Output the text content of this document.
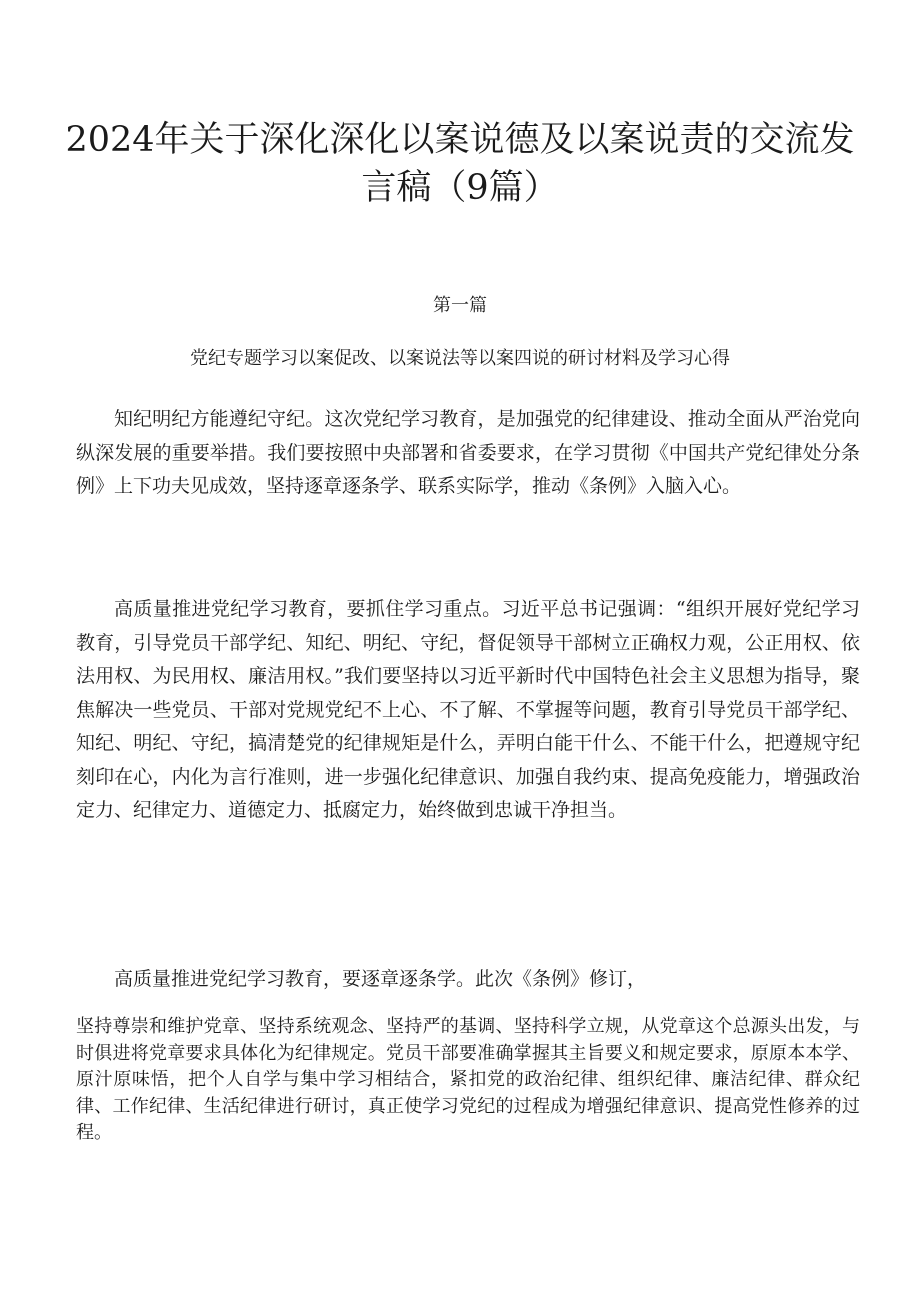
2024年关于深化深化以案说德及以案说责的交流发言稿（9篇）
第一篇
党纪专题学习以案促改、以案说法等以案四说的研讨材料及学习心得

知纪明纪方能遵纪守纪。这次党纪学习教育，是加强党的纪律建设、推动全面从严治党向纵深发展的重要举措。我们要按照中央部署和省委要求，在学习贯彻《中国共产党纪律处分条例》上下功夫见成效，坚持逐章逐条学、联系实际学，推动《条例》入脑入心。

高质量推进党纪学习教育，要抓住学习重点。习近平总书记强调：“组织开展好党纪学习教育，引导党员干部学纪、知纪、明纪、守纪，督促领导干部树立正确权力观，公正用权、依法用权、为民用权、廉洁用权。”我们要坚持以习近平新时代中国特色社会主义思想为指导，聚焦解决一些党员、干部对党规党纪不上心、不了解、不掌握等问题，教育引导党员干部学纪、知纪、明纪、守纪，搞清楚党的纪律规矩是什么，弄明白能干什么、不能干什么，把遵规守纪刻印在心，内化为言行准则，进一步强化纪律意识、加强自我约束、提高免疫能力，增强政治定力、纪律定力、道德定力、抵腐定力，始终做到忠诚干净担当。

高质量推进党纪学习教育，要逐章逐条学。此次《条例》修订，

坚持尊崇和维护党章、坚持系统观念、坚持严的基调、坚持科学立规，从党章这个总源头出发，与时俱进将党章要求具体化为纪律规定。党员干部要准确掌握其主旨要义和规定要求，原原本本学、原汁原味悟，把个人自学与集中学习相结合，紧扣党的政治纪律、组织纪律、廉洁纪律、群众纪律、工作纪律、生活纪律进行研讨，真正使学习党纪的过程成为增强纪律意识、提高党性修养的过程。
